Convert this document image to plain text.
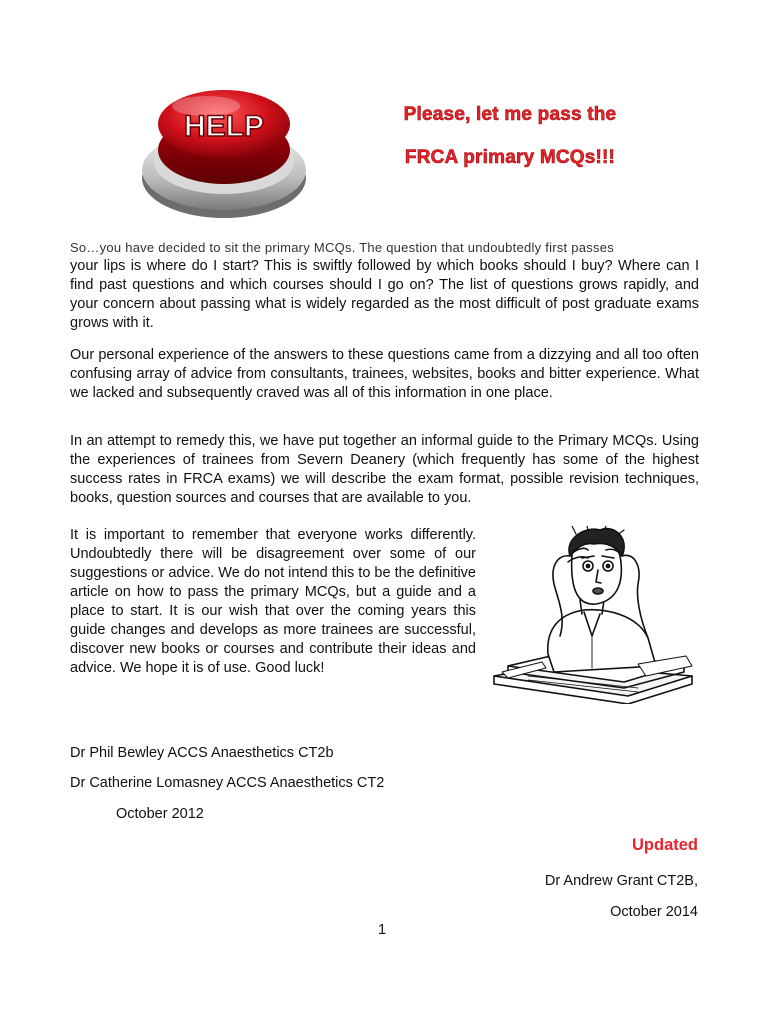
HELP	Please, let me pass the
FRCA primary MCQs!!!
So…you have decided to sit the primary MCQs. The question that undoubtedly first passes
your lips is where do I start? This is swiftly followed by which books should I buy? Where can I find past questions and which courses should I go on? The list of questions grows rapidly, and your concern about passing what is widely regarded as the most difficult of post graduate exams grows with it.
Our personal experience of the answers to these questions came from a dizzying and all too often confusing array of advice from consultants, trainees, websites, books and bitter experience. What we lacked and subsequently craved was all of this information in one place.
In an attempt to remedy this, we have put together an informal guide to the Primary MCQs. Using the experiences of trainees from Severn Deanery (which frequently has some of the highest success rates in FRCA exams) we will describe the exam format, possible revision techniques, books, question sources and courses that are available to you.
It is important to remember that everyone works differently. Undoubtedly there will be disagreement over some of our suggestions or advice. We do not intend this to be the definitive article on how to pass the primary MCQs, but a guide and a place to start. It is our wish that over the coming years this guide changes and develops as more trainees are successful, discover new books or courses and contribute their ideas and advice. We hope it is of use. Good luck!
Dr Phil Bewley ACCS Anaesthetics CT2b
Dr Catherine Lomasney ACCS Anaesthetics CT2
October 2012
Updated
Dr Andrew Grant CT2B,
October 2014
1
